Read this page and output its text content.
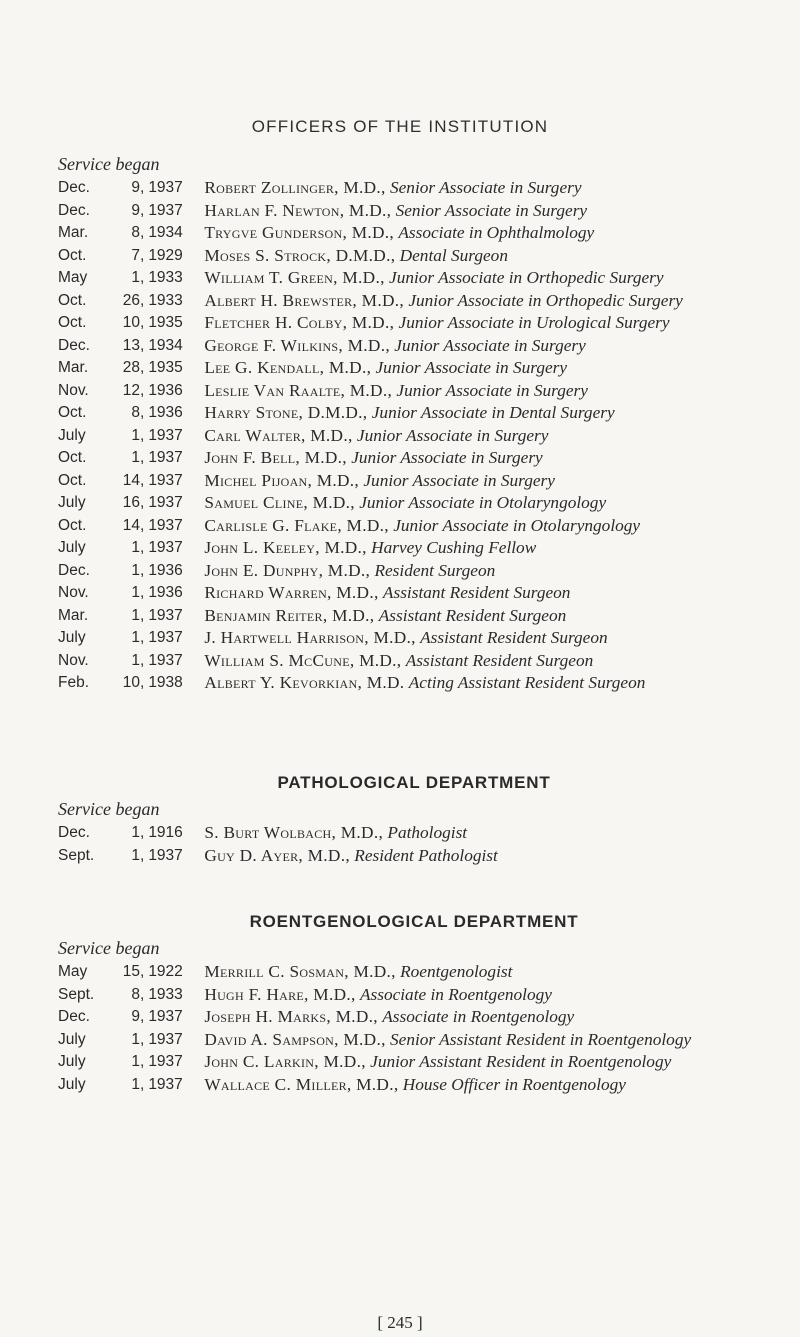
OFFICERS OF THE INSTITUTION
Service began
Dec.	9 , 1937	Robert Zollinger, M.D., Senior Associate in Surgery
Dec.	9 , 1937	Harlan F. Newton, M.D., Senior Associate in Surgery
Mar.	8 , 1934	Trygve Gunderson, M.D., Associate in Ophthalmology
Oct.	7 , 1929	Moses S. Strock, D.M.D., Dental Surgeon
May	1 , 1933	William T. Green, M.D., Junior Associate in Orthopedic Surgery
Oct.	26 , 1933	Albert H. Brewster, M.D., Junior Associate in Orthopedic Surgery
Oct.	10 , 1935	Fletcher H. Colby, M.D., Junior Associate in Urological Surgery
Dec.	13 , 1934	George F. Wilkins, M.D., Junior Associate in Surgery
Mar.	28 , 1935	Lee G. Kendall, M.D., Junior Associate in Surgery
Nov.	12 , 1936	Leslie Van Raalte, M.D., Junior Associate in Surgery
Oct.	8 , 1936	Harry Stone, D.M.D., Junior Associate in Dental Surgery
July	1 , 1937	Carl Walter, M.D., Junior Associate in Surgery
Oct.	1 , 1937	John F. Bell, M.D., Junior Associate in Surgery
Oct.	14 , 1937	Michel Pijoan, M.D., Junior Associate in Surgery
July	16 , 1937	Samuel Cline, M.D., Junior Associate in Otolaryngology
Oct.	14 , 1937	Carlisle G. Flake, M.D., Junior Associate in Otolaryngology
July	1 , 1937	John L. Keeley, M.D., Harvey Cushing Fellow
Dec.	1 , 1936	John E. Dunphy, M.D., Resident Surgeon
Nov.	1 , 1936	Richard Warren, M.D., Assistant Resident Surgeon
Mar.	1 , 1937	Benjamin Reiter, M.D., Assistant Resident Surgeon
July	1 , 1937	J. Hartwell Harrison, M.D., Assistant Resident Surgeon
Nov.	1 , 1937	William S. McCune, M.D., Assistant Resident Surgeon
Feb.	10 , 1938	Albert Y. Kevorkian, M.D. Acting Assistant Resident Surgeon
PATHOLOGICAL DEPARTMENT
Service began
Dec.	1 , 1916	S. Burt Wolbach, M.D., Pathologist
Sept.	1 , 1937	Guy D. Ayer, M.D., Resident Pathologist
ROENTGENOLOGICAL DEPARTMENT
Service began
May	15 , 1922	Merrill C. Sosman, M.D., Roentgenologist
Sept.	8 , 1933	Hugh F. Hare, M.D., Associate in Roentgenology
Dec.	9 , 1937	Joseph H. Marks, M.D., Associate in Roentgenology
July	1 , 1937	David A. Sampson, M.D., Senior Assistant Resident in Roentgenology
July	1 , 1937	John C. Larkin, M.D., Junior Assistant Resident in Roentgenology
July	1 , 1937	Wallace C. Miller, M.D., House Officer in Roentgenology
[ 245 ]
